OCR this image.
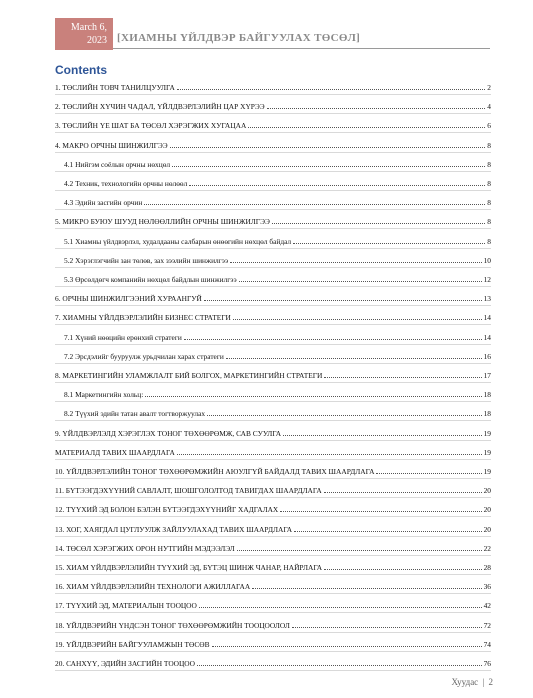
March 6,
2023 [ХИАМНЫ ҮЙЛДВЭР БАЙГУУЛАХ ТӨСӨЛ]
Contents
1. ТӨСЛИЙН ТОВЧ ТАНИЛЦУУЛГА	2
2. ТӨСЛИЙН ХҮЧИН ЧАДАЛ, ҮЙЛДВЭРЛЭЛИЙН ЦАР ХҮРЭЭ	4
3. ТӨСЛИЙН ҮЕ ШАТ БА ТӨСӨЛ ХЭРЭГЖИХ ХУГАЦАА	6
4. МАКРО ОРЧНЫ ШИНЖИЛГЭЭ	8
4.1 Нийгэм соёлын орчны нөхцөл	8
4.2 Техник, технологийн орчны нөлөөл	8
4.3 Эдийн засгийн орчин	8
5. МИКРО БУЮУ ШУУД НӨЛӨӨЛЛИЙН ОРЧНЫ ШИНЖИЛГЭЭ	8
5.1 Хиамны үйлдвэрлэл, худалдааны салбарын өнөөгийн нөхцөл байдал	8
5.2 Хэрэглэгчийн зан төлөв, зах зээлийн шинжилгээ	10
5.3 Өрсөлдөгч компанийн нөхцөл байдлын шинжилгээ	12
6. ОРЧНЫ ШИНЖИЛГЭЭНИЙ ХУРААНГУЙ	13
7. ХИАМНЫ ҮЙЛДВЭРЛЭЛИЙН БИЗНЕС СТРАТЕГИ	14
7.1 Хүний нөөцийн ерөнхий стратеги	14
7.2 Эрсдэлийг бууруулж урьдчилан харах стратеги	16
8. МАРКЕТИНГИЙН УЛАМЖЛАЛТ БИЙ БОЛГОХ, МАРКЕТИНГИЙН СТРАТЕГИ	17
8.1 Маркетингийн хольц:	18
8.2 Түүхий эдийн татан авалт тогтворжуулах	18
9. ҮЙЛДВЭРЛЭЛД ХЭРЭГЛЭХ ТОНОГ ТӨХӨӨРӨМЖ, САВ СУУЛГА	19
МАТЕРИАЛД ТАВИХ ШААРДЛАГА	19
10. ҮЙЛДВЭРЛЭЛИЙН ТОНОГ ТӨХӨӨРӨМЖИЙН АЮУЛГҮЙ БАЙДАЛД ТАВИХ ШААРДЛАГА	19
11. БҮТЭЭГДЭХҮҮНИЙ САВЛАЛТ, ШОШГОЛОЛТОД ТАВИГДАХ ШААРДЛАГА	20
12. ТҮҮХИЙ ЭД БОЛОН БЭЛЭН БҮТЭЭГДЭХҮҮНИЙГ ХАДГАЛАХ	20
13. ХОГ, ХАЯГДАЛ ЦУГЛУУЛЖ ЗАЙЛУУЛАХАД ТАВИХ ШААРДЛАГА	20
14. ТӨСӨЛ ХЭРЭГЖИХ ОРОН НУТГИЙН МЭДЭЭЛЭЛ	22
15. ХИАМ ҮЙЛДВЭРЛЭЛИЙН ТҮҮХИЙ ЭД, БҮТЭЦ ШИНЖ ЧАНАР, НАЙРЛАГА	28
16. ХИАМ ҮЙЛДВЭРЛЭЛИЙН ТЕХНОЛОГИ АЖИЛЛАГАА	36
17. ТҮҮХИЙ ЭД, МАТЕРИАЛЫН ТООЦОО	42
18. ҮЙЛДВЭРИЙН ҮНДСЭН ТОНОГ ТӨХӨӨРӨМЖИЙН ТООЦООЛОЛ	72
19. ҮЙЛДВЭРИЙН БАЙГУУЛАМЖЫН ТӨСӨВ	74
20. САНХҮҮ, ЭДИЙН ЗАСГИЙН ТООЦОО	76
Хуудас | 2
